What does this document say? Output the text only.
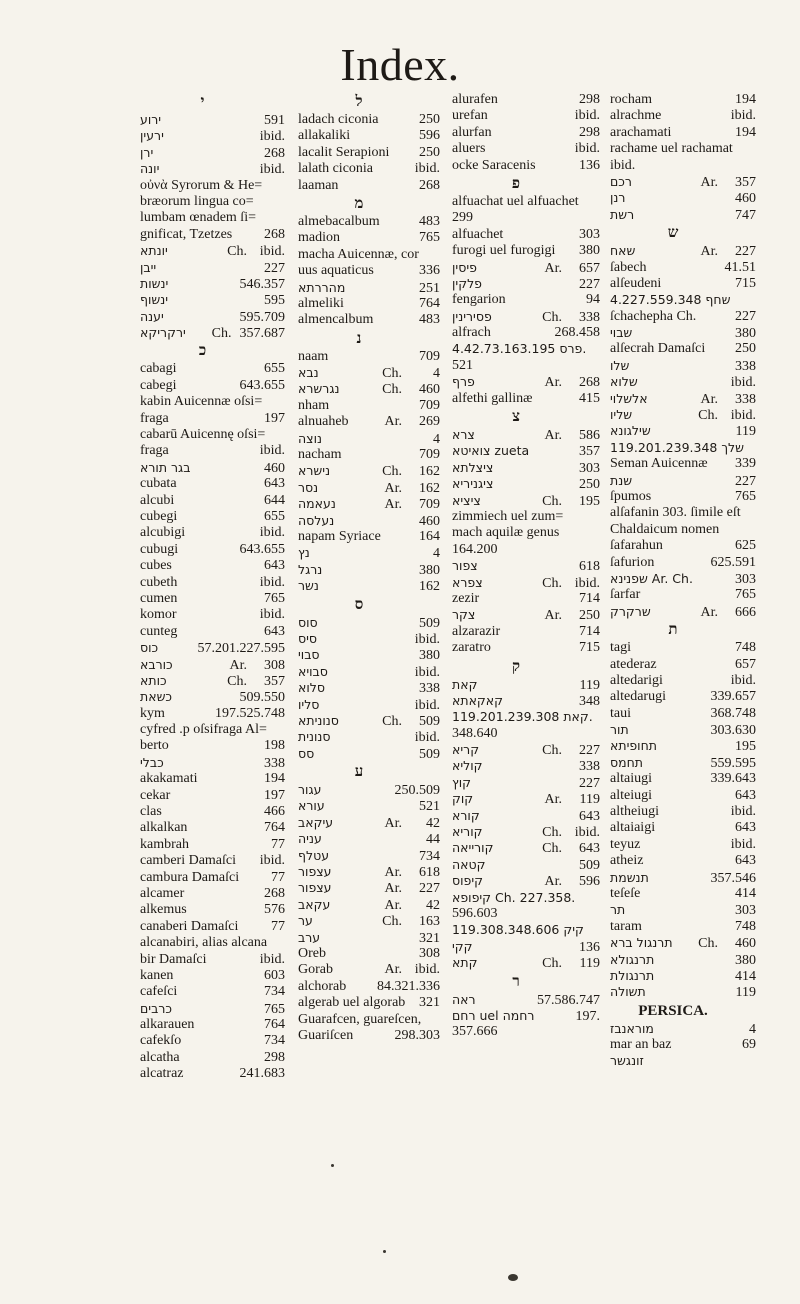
Index.
י
ירוע	591
ירעין	ibid.
ירן	268
יונה	ibid.
οὐνὰ Syrorum & He=
bræorum lingua co=
lumbam œnadem ſi=
gnificat, Tzetzes	268
יונתא	Ch. ibid.
ייבן	227
ינשות	546.357
ינשוף	595
יענה	595.709
ירקריקא	Ch. 357.687
כ
cabagi	655
cabegi	643.655
kabin Auicennæ oſsi=
fraga	197
cabarū Auicennę oſsi=
fraga	ibid.
בגר תורא	460
cubata	643
alcubi	644
cubegi	655
alcubigi	ibid.
cubugi	643.655
cubes	643
cubeth	ibid.
cumen	765
komor	ibid.
cunteg	643
כוס	57.201.227.595
כורבא	Ar.	308
כותא	Ch.	357
כשאת	509.550
kym	197.525.748
cyfred .p oſsifraga Al=
berto	198
כבלי	338
akakamati	194
cekar	197
clas	466
alkalkan	764
kambrah	77
camberi Damaſci	ibid.
cambura Damaſci	77
alcamer	268
alkemus	576
canaberi Damaſci	77
alcanabiri, alias alcana
bir Damaſci	ibid.
kanen	603
cafeſci	734
כרבים	765
alkarauen	764
cafekſo	734
alcatha	298
alcatraz	241.683
ל
ladach ciconia	250
allakaliki	596
lacalit Serapioni	250
lalath ciconia	ibid.
laaman	268
מ
almebacalbum	483
madion	765
macha Auicennæ, cor
uus aquaticus	336
מהררתא	251
almeliki	764
almencalbum	483
נ
naam	709
נבא	Ch.	4
נגרשרא	Ch.	460
nham	709
alnuaheb	Ar.	269
נוצה	4
nacham	709
נישרא	Ch.	162
נסר	Ar.	162
נעאמה	Ar.	709
נעלסה	460
napam Syriace	164
נץ	4
נרגל	380
נשר	162
ס
סוס	509
סיס	ibid.
סבוי	380
סבויא	ibid.
סלוא	338
סליו	ibid.
סנוניתא	Ch.	509
סנונית	ibid.
סס	509
ע
עגור	250.509
עורא	521
עיקאב	Ar.	42
עניה	44
עטלף	734
עצפור	Ar.	618
עצפור	Ar.	227
עקאב	Ar.	42
ער	Ch.	163
ערב	321
Oreb	308
Gorab	Ar. ibid.
alchorab	84.321.336
algerab uel algorab 321
Guarafcen, guareſcen,
Guariſcen	298.303
alurafen	298
urefan	ibid.
alurfan	298
aluers	ibid.
ocke Saracenis	136
פ
alfuachat uel alfuachet
299
alfuachet	303
furogi uel furogigi	380
פיסין	Ar.	657
פלקין	227
fengarion	94
פסירינין	Ch.	338
alfrach	268.458
פרס 4.42.73.163.195.
521
פרף	Ar.	268
alfethi gallinæ	415
צ
צרא	Ar.	586
צואיטא zueta	357
ציצלתא	303
ציגניריא	250
ציציא	Ch.	195
zimmiech uel zum=
mach aquilæ genus
164.200
צפור	618
צפרא	Ch. ibid.
zezir	714
צקר	Ar.	250
alzarazir	714
zaratro	715
ק
קאת	119
קאקאתא	348
קאת 119.201.239.308.
348.640
קריא	Ch.	227
קוליא	338
קוץ	227
קוק	Ar.	119
קורא	643
קוריא	Ch. ibid.
קורייאה	Ch.	643
קטאה	509
קיפוס	Ar.	596
קיפופא Ch. 227.358.
596.603
קיק 119.308.348.606
קקי	136
קתא	Ch.	119
ר
ראה	57.586.747
רחם uel רחמה	197.
357.666
rocham	194
alrachme	ibid.
arachamati	194
rachame uel rachamat
ibid.
רכם	Ar.	357
רנן	460
רשת	747
ש
שאח	Ar.	227
ſabech	41.51
alſeudeni	715
שחף 4.227.559.348
ſchachepha Ch.	227
שבוי	380
alſecrah Damaſci	250
שלו	338
שלוא	ibid.
אלשלוי	Ar.	338
שליו	Ch. ibid.
שילגונא	119
שלך 119.201.239.348
Seman Auicennæ	339
שנת	227
ſpumos	765
alſafanin 303. ſimile eſt
Chaldaicum nomen
ſafarahun	625
ſafurion	625.591
שפנינא Ar. Ch.	303
ſarfar	765
שרקרק	Ar.	666
ת
tagi	748
atederaz	657
altedarigi	ibid.
altedarugi	339.657
taui	368.748
תור	303.630
תחופיתא	195
תחמס	559.595
altaiugi	339.643
alteiugi	643
altheiugi	ibid.
altaiaigi	643
teyuz	ibid.
atheiz	643
תנשמת	357.546
teſeſe	414
תר	303
taram	748
תרנגול ברא	Ch.	460
תרנגולא	380
תרנגולת	414
תשולה	119
PERSICA.
מוראנבז	4
mar an baz	69
זונגשר
